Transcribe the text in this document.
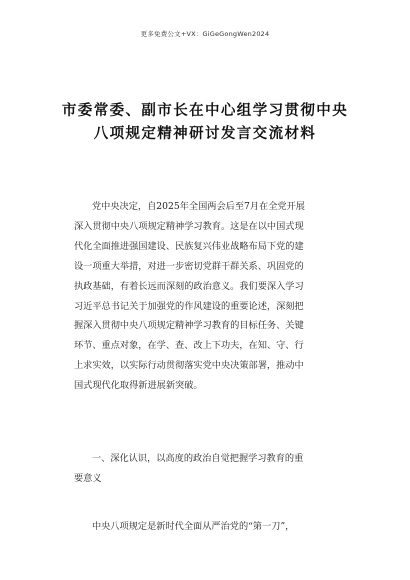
更多免费公文+VX：GiGeGongWen2024
市委常委、副市长在中心组学习贯彻中央
八项规定精神研讨发言交流材料
党中央决定，自2025年全国两会后至7月在全党开展
深入贯彻中央八项规定精神学习教育。这是在以中国式现
代化全面推进强国建设、民族复兴伟业战略布局下党的建
设一项重大举措，对进一步密切党群干群关系、巩固党的
执政基础，有着长远而深刻的政治意义。我们要深入学习
习近平总书记关于加强党的作风建设的重要论述，深刻把
握深入贯彻中央八项规定精神学习教育的目标任务、关键
环节、重点对象，在学、查、改上下功夫，在知、守、行
上求实效，以实际行动贯彻落实党中央决策部署，推动中
国式现代化取得新进展新突破。
一、深化认识，以高度的政治自觉把握学习教育的重
要意义
中央八项规定是新时代全面从严治党的“第一刀”，
